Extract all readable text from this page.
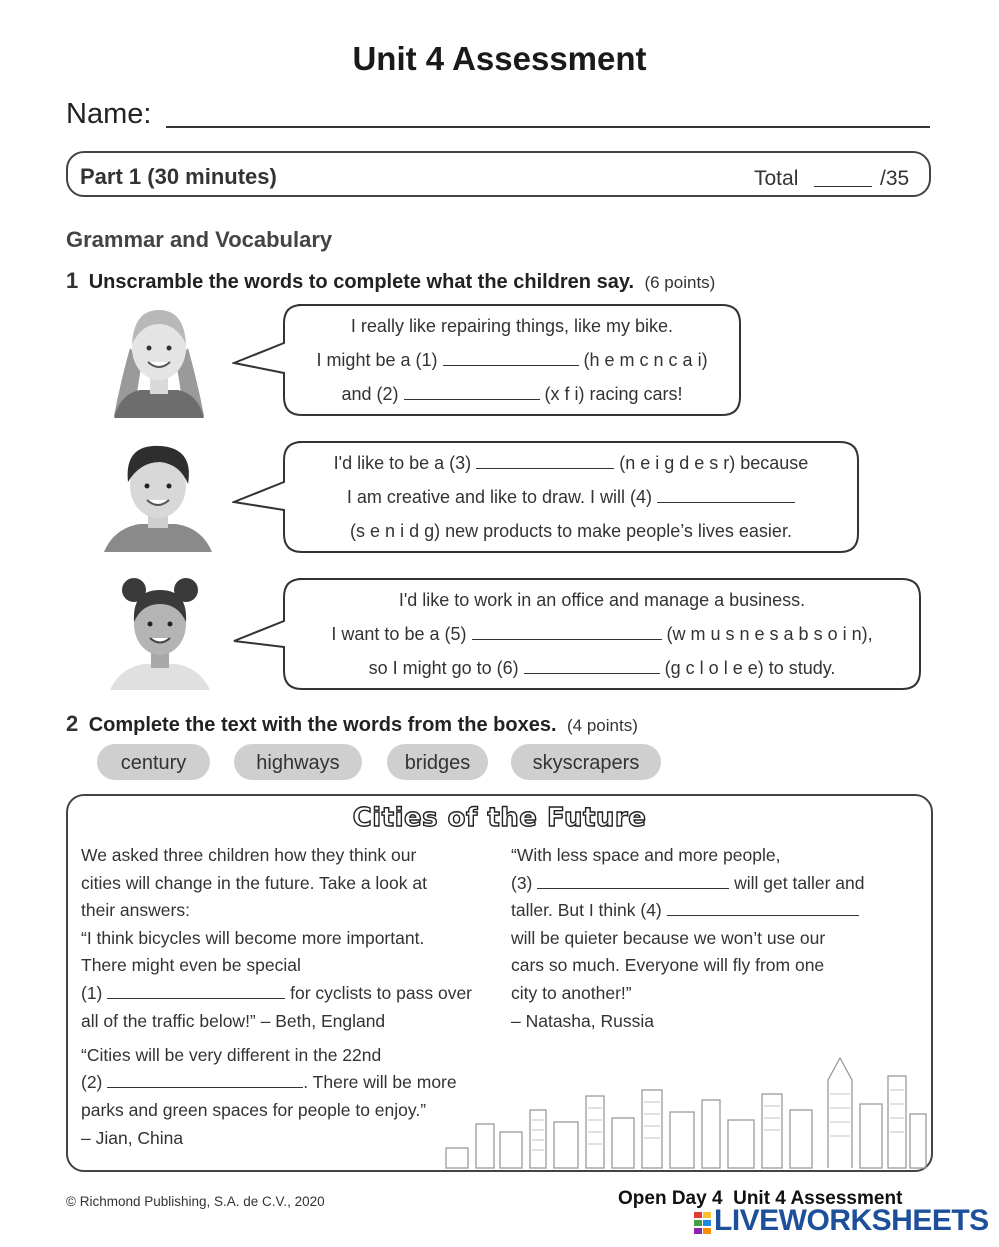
Unit 4 Assessment
Name:
Part 1 (30 minutes)	Total	/35
Grammar and Vocabulary
1 Unscramble the words to complete what the children say. (6 points)
I really like repairing things, like my bike.
I might be a (1)	(h e m c n c a i)
and (2)	(x f i) racing cars!
I'd like to be a (3)	(n e i g d e s r) because
I am creative and like to draw. I will (4)
(s e n i d g) new products to make people’s lives easier.
I'd like to work in an office and manage a business.
I want to be a (5)	(w m u s n e s a b s o i n),
so I might go to (6)	(g c l o l e e) to study.
2 Complete the text with the words from the boxes. (4 points)
century	highways	bridges	skyscrapers
Cities of the Future
We asked three children how they think our
cities will change in the future. Take a look at
their answers:
“I think bicycles will become more important.
There might even be special
(1)	for cyclists to pass over
all of the traffic below!” – Beth, England
“Cities will be very different in the 22nd
(2)	. There will be more
parks and green spaces for people to enjoy.”
– Jian, China
“With less space and more people,
(3)	will get taller and
taller. But I think (4)
will be quieter because we won’t use our
cars so much. Everyone will fly from one
city to another!”
– Natasha, Russia
© Richmond Publishing, S.A. de C.V., 2020	Open Day 4  Unit 4 Assessment
LIVEWORKSHEETS
